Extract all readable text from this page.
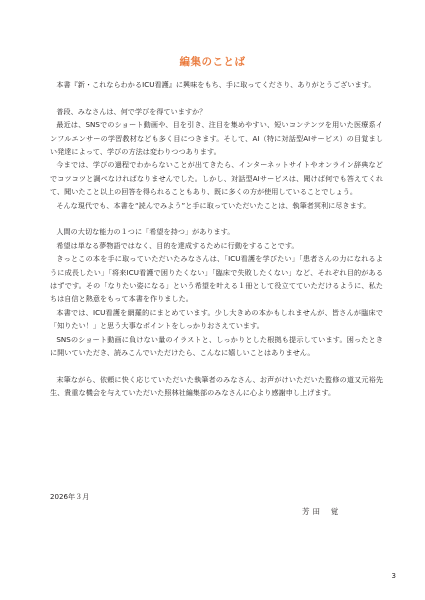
編集のことば

本書『新・これならわかるICU看護』に興味をもち、手に取ってくださり、ありがとうございます。

普段、みなさんは、何で学びを得ていますか？

最近は、SNSでのショート動画や、目を引き、注目を集めやすい、短いコンテンツを用いた医療系インフルエンサーの学習教材なども多く目につきます。そして、AI（特に対話型AIサービス）の目覚ましい発達によって、学びの方法は変わりつつあります。

今までは、学びの過程でわからないことが出てきたら、インターネットサイトやオンライン辞典などでコツコツと調べなければなりませんでした。しかし、対話型AIサービスは、聞けば何でも答えてくれて、聞いたこと以上の回答を得られることもあり、既に多くの方が使用していることでしょう。

そんな現代でも、本書を“読んでみよう”と手に取っていただいたことは、執筆者冥利に尽きます。

人間の大切な能力の１つに「希望を持つ」があります。

希望は単なる夢物語ではなく、目的を達成するために行動をすることです。

きっとこの本を手に取っていただいたみなさんは、「ICU看護を学びたい」「患者さんの力になれるように成長したい」「将来ICU看護で困りたくない」「臨床で失敗したくない」など、それぞれ目的があるはずです。その「なりたい姿になる」という希望を叶える１冊として役立てていただけるように、私たちは自信と熱意をもって本書を作りました。

本書では、ICU看護を網羅的にまとめています。少し大きめの本かもしれませんが、皆さんが臨床で「知りたい！」と思う大事なポイントをしっかりおさえています。

SNSのショート動画に負けない量のイラストと、しっかりとした根拠も提示しています。困ったときに開いていただき、読みこんでいただけたら、こんなに嬉しいことはありません。

末筆ながら、依頼に快く応じていただいた執筆者のみなさん、お声がけいただいた監修の道又元裕先生、貴重な機会を与えていただいた照林社編集部のみなさんに心より感謝申し上げます。

2026年３月
芳 田　 覚
3
